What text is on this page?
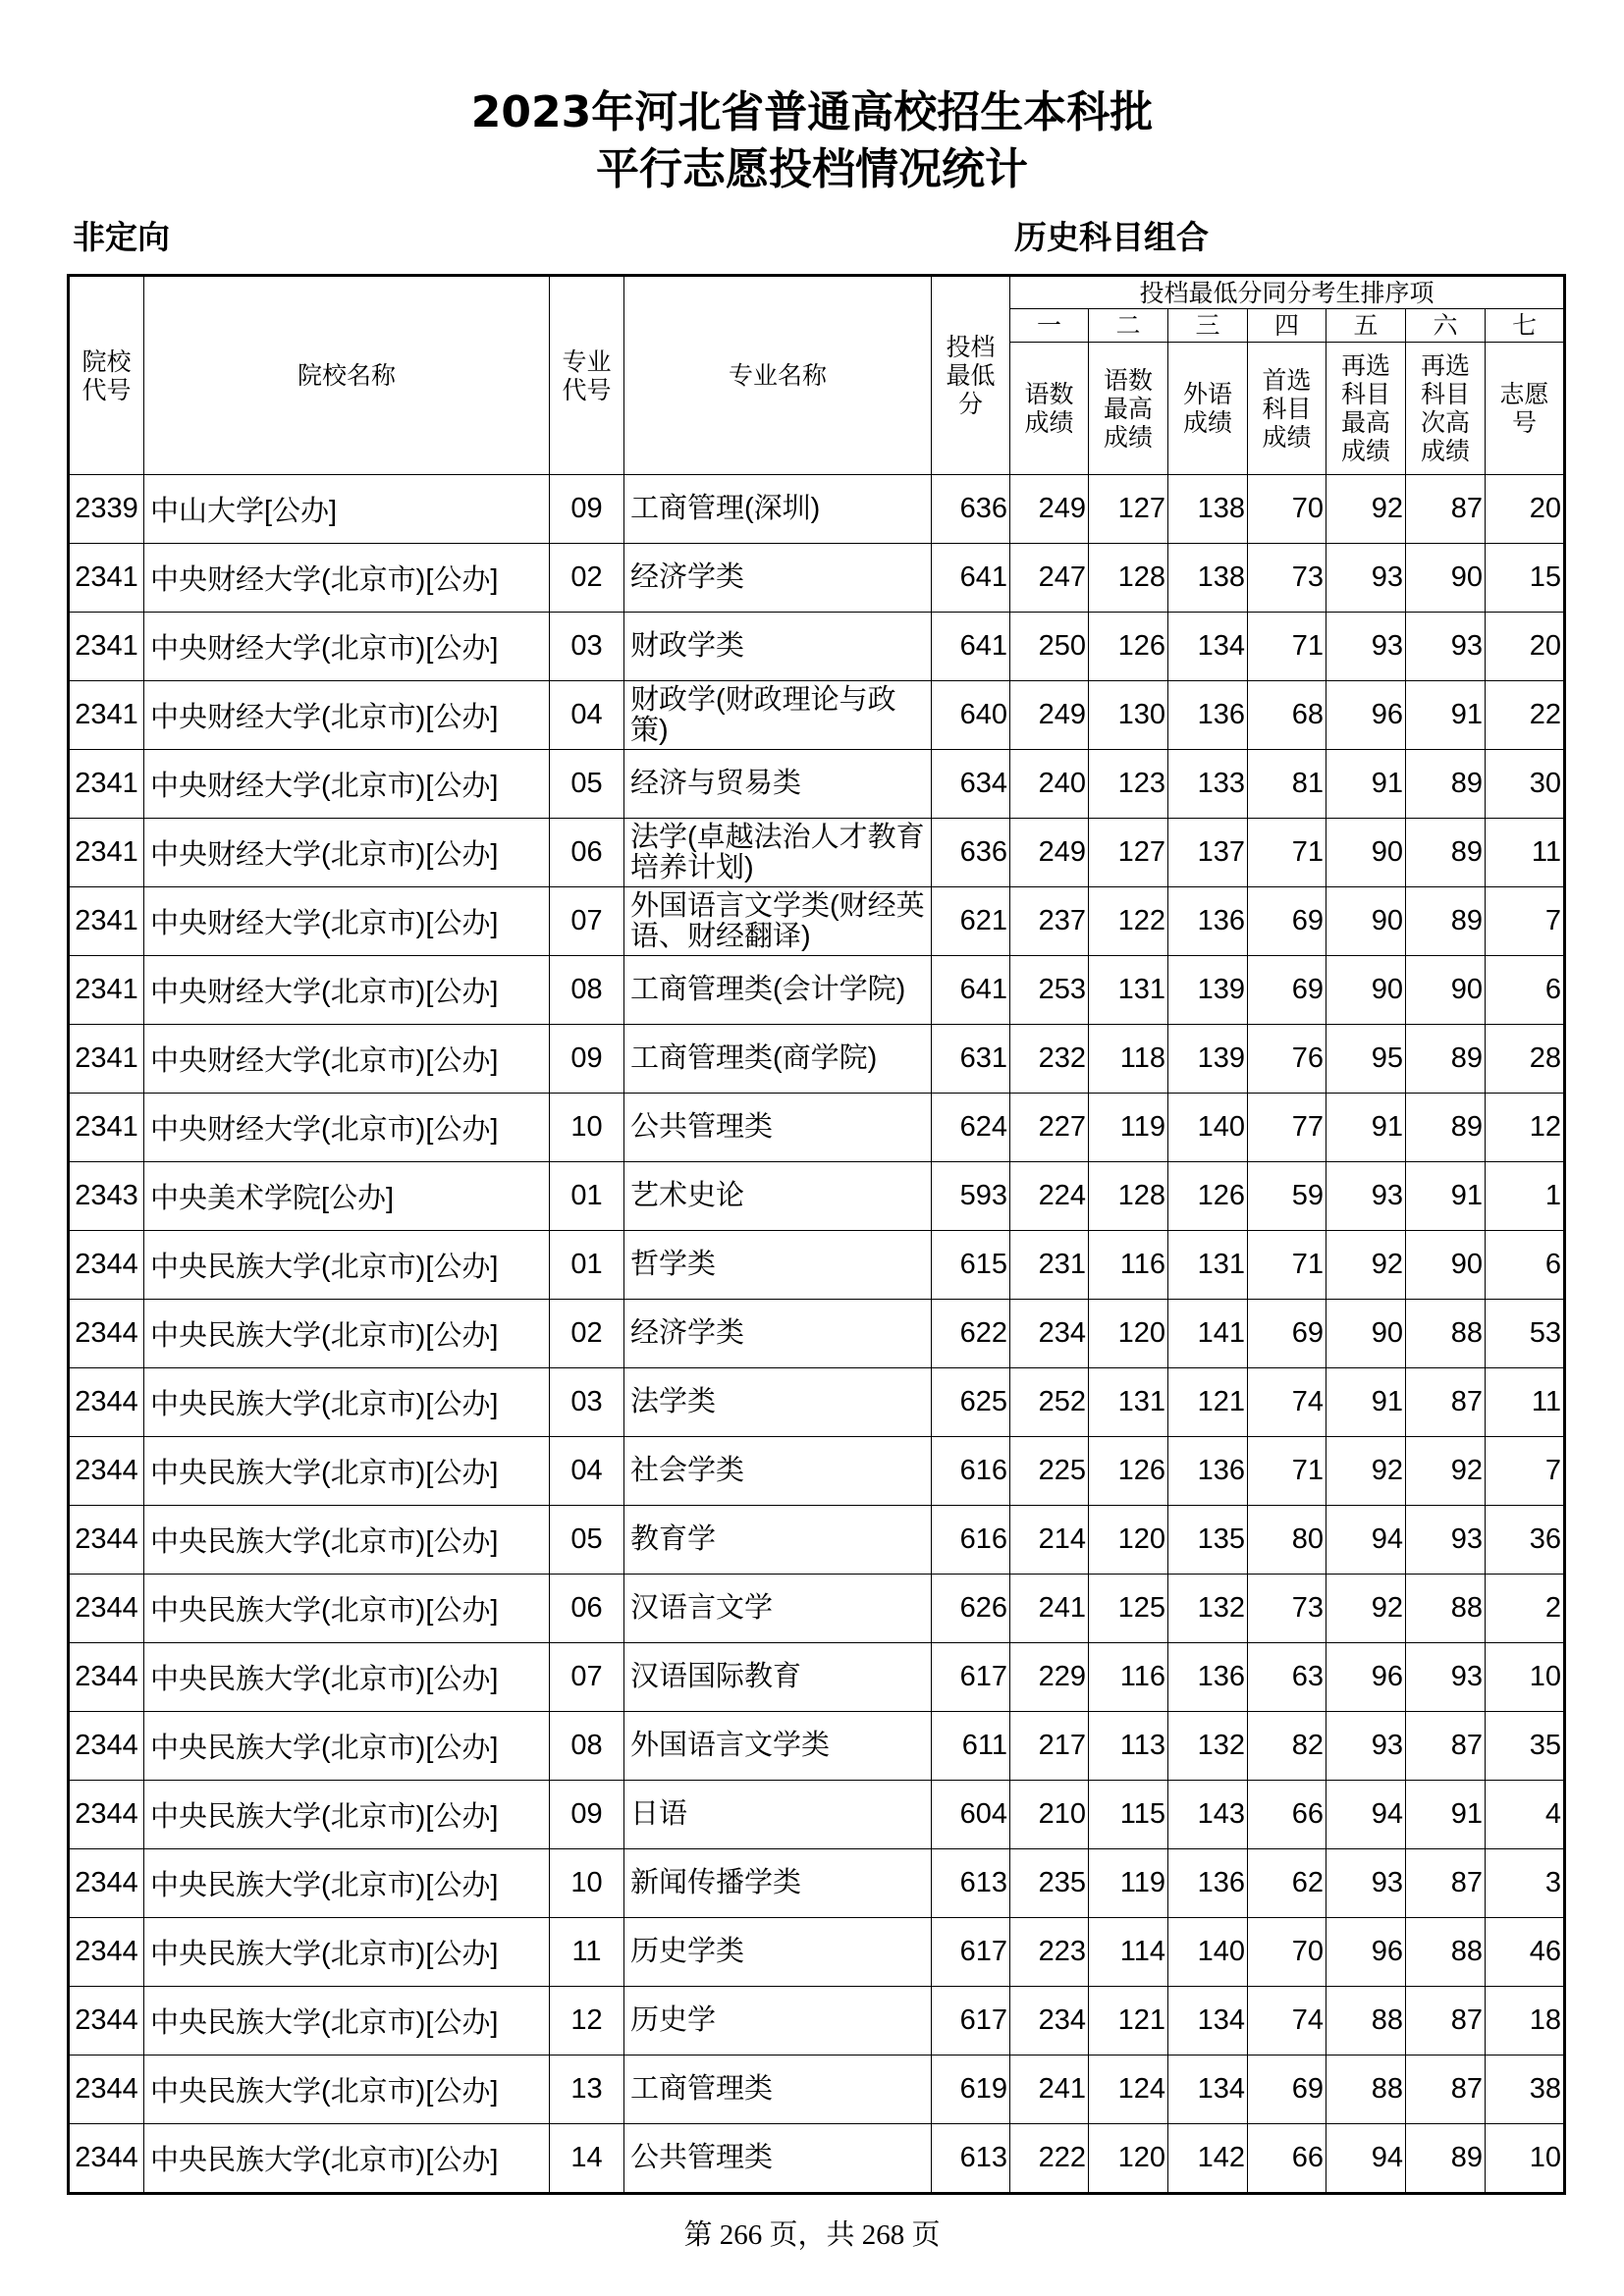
2023年河北省普通高校招生本科批
平行志愿投档情况统计
非定向	历史科目组合
院校代号	院校名称	专业代号	专业名称	投档最低分	投档最低分同分考生排序项						
					一	二	三	四	五	六	七
					语数成绩	语数最高成绩	外语成绩	首选科目成绩	再选科目最高成绩	再选科目次高成绩	志愿号
2339	中山大学[公办]	09	工商管理(深圳)	636	249	127	138	70	92	87	20
2341	中央财经大学(北京市)[公办]	02	经济学类	641	247	128	138	73	93	90	15
2341	中央财经大学(北京市)[公办]	03	财政学类	641	250	126	134	71	93	93	20
2341	中央财经大学(北京市)[公办]	04	财政学(财政理论与政策)	640	249	130	136	68	96	91	22
2341	中央财经大学(北京市)[公办]	05	经济与贸易类	634	240	123	133	81	91	89	30
2341	中央财经大学(北京市)[公办]	06	法学(卓越法治人才教育培养计划)	636	249	127	137	71	90	89	11
2341	中央财经大学(北京市)[公办]	07	外国语言文学类(财经英语、财经翻译)	621	237	122	136	69	90	89	7
2341	中央财经大学(北京市)[公办]	08	工商管理类(会计学院)	641	253	131	139	69	90	90	6
2341	中央财经大学(北京市)[公办]	09	工商管理类(商学院)	631	232	118	139	76	95	89	28
2341	中央财经大学(北京市)[公办]	10	公共管理类	624	227	119	140	77	91	89	12
2343	中央美术学院[公办]	01	艺术史论	593	224	128	126	59	93	91	1
2344	中央民族大学(北京市)[公办]	01	哲学类	615	231	116	131	71	92	90	6
2344	中央民族大学(北京市)[公办]	02	经济学类	622	234	120	141	69	90	88	53
2344	中央民族大学(北京市)[公办]	03	法学类	625	252	131	121	74	91	87	11
2344	中央民族大学(北京市)[公办]	04	社会学类	616	225	126	136	71	92	92	7
2344	中央民族大学(北京市)[公办]	05	教育学	616	214	120	135	80	94	93	36
2344	中央民族大学(北京市)[公办]	06	汉语言文学	626	241	125	132	73	92	88	2
2344	中央民族大学(北京市)[公办]	07	汉语国际教育	617	229	116	136	63	96	93	10
2344	中央民族大学(北京市)[公办]	08	外国语言文学类	611	217	113	132	82	93	87	35
2344	中央民族大学(北京市)[公办]	09	日语	604	210	115	143	66	94	91	4
2344	中央民族大学(北京市)[公办]	10	新闻传播学类	613	235	119	136	62	93	87	3
2344	中央民族大学(北京市)[公办]	11	历史学类	617	223	114	140	70	96	88	46
2344	中央民族大学(北京市)[公办]	12	历史学	617	234	121	134	74	88	87	18
2344	中央民族大学(北京市)[公办]	13	工商管理类	619	241	124	134	69	88	87	38
2344	中央民族大学(北京市)[公办]	14	公共管理类	613	222	120	142	66	94	89	10
第 266 页，共 268 页
